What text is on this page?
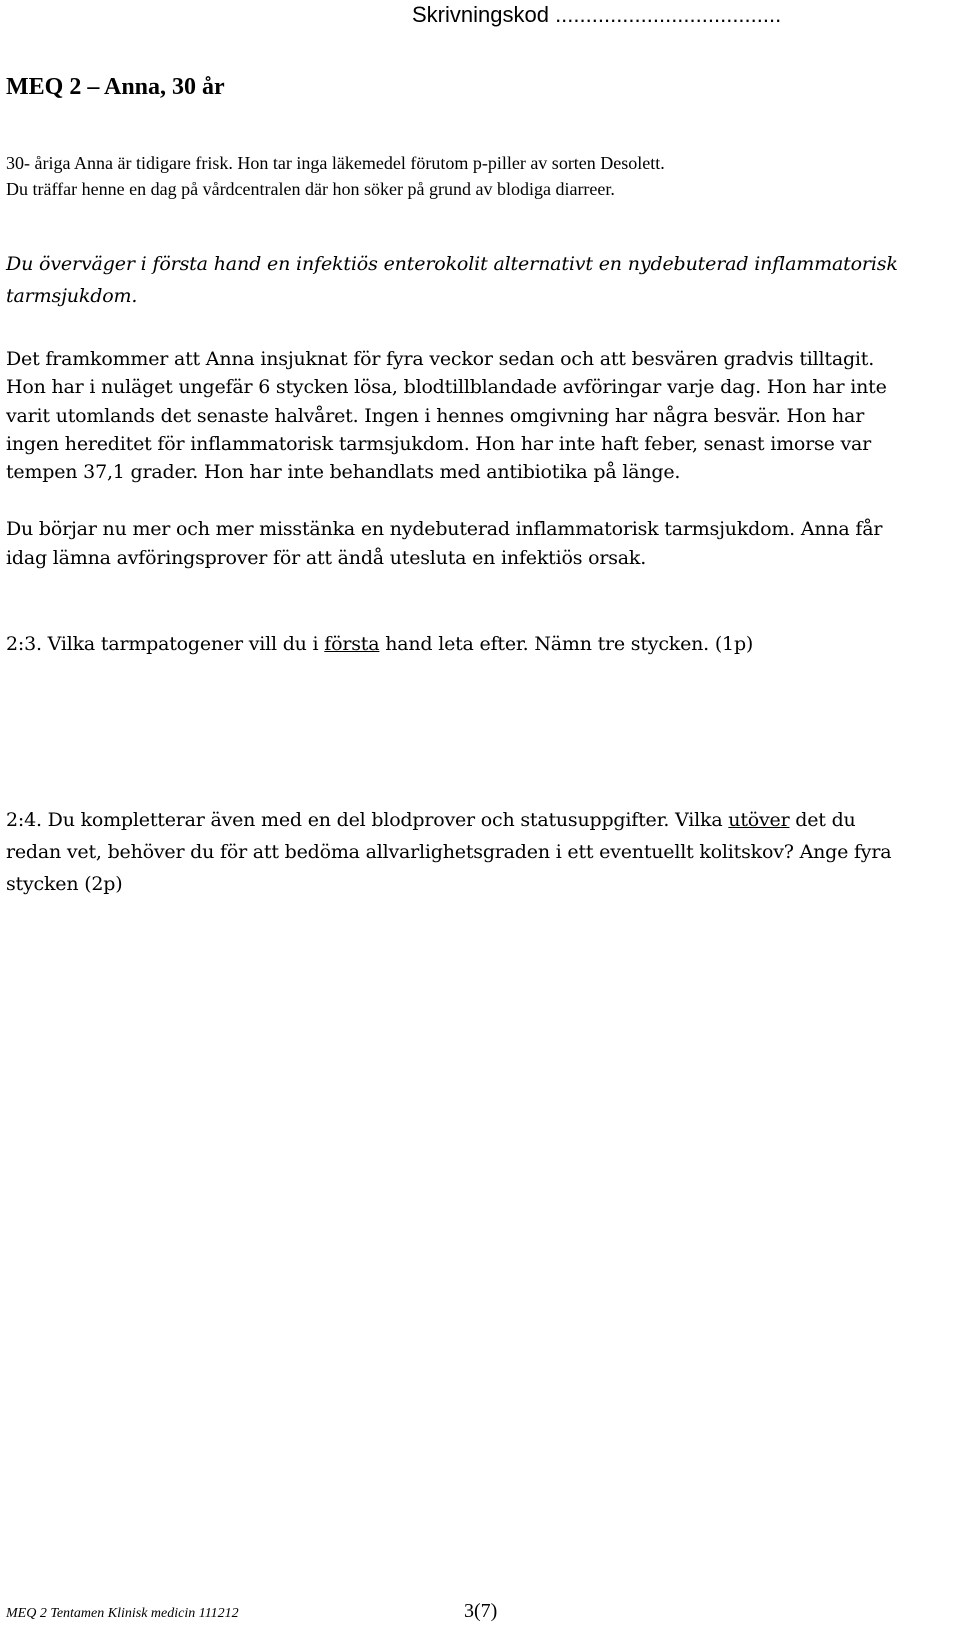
Skrivningskod .....................................
MEQ 2 – Anna, 30 år
30- åriga Anna är tidigare frisk. Hon tar inga läkemedel förutom p-piller av sorten Desolett.
Du träffar henne en dag på vårdcentralen där hon söker på grund av blodiga diarreer.
Du överväger i första hand en infektiös enterokolit alternativt en nydebuterad inflammatorisk
tarmsjukdom.
Det framkommer att Anna insjuknat för fyra veckor sedan och att besvären gradvis tilltagit.
Hon har i nuläget ungefär 6 stycken lösa, blodtillblandade avföringar varje dag. Hon har inte
varit utomlands det senaste halvåret. Ingen i hennes omgivning har några besvär. Hon har
ingen hereditet för inflammatorisk tarmsjukdom. Hon har inte haft feber, senast imorse var
tempen 37,1 grader. Hon har inte behandlats med antibiotika på länge.
Du börjar nu mer och mer misstänka en nydebuterad inflammatorisk tarmsjukdom. Anna får
idag lämna avföringsprover för att ändå utesluta en infektiös orsak.
2:3. Vilka tarmpatogener vill du i första hand leta efter. Nämn tre stycken. (1p)
2:4. Du kompletterar även med en del blodprover och statusuppgifter. Vilka utöver det du
redan vet, behöver du för att bedöma allvarlighetsgraden i ett eventuellt kolitskov? Ange fyra
stycken (2p)
MEQ 2 Tentamen Klinisk medicin 111212	3(7)
